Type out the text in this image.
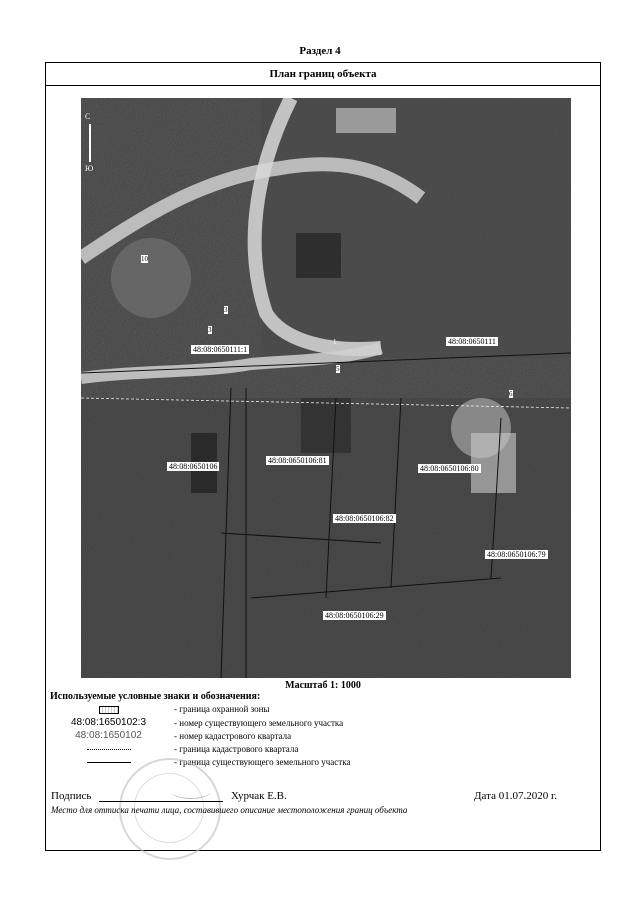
Раздел 4
План границ объекта
С
Ю
10
3
3
6
48:08:0650111:1
48:08:0650111
48:08:0650106
48:08:0650106:81
48:08:0650106:82
48:08:0650106:80
48:08:0650106:79
48:08:0650106:29
5
1
Масштаб 1: 1000
Используемые условные знаки и обозначения:
- граница охранной зоны
48:08:1650102:3	- номер существующего земельного участка
48:08:1650102	- номер кадастрового квартала
- граница кадастрового квартала
- граница существующего земельного участка
Подпись	Хурчак Е.В.	Дата 01.07.2020 г.
Место для оттиска печати лица, составившего описание местоположения границ объекта
